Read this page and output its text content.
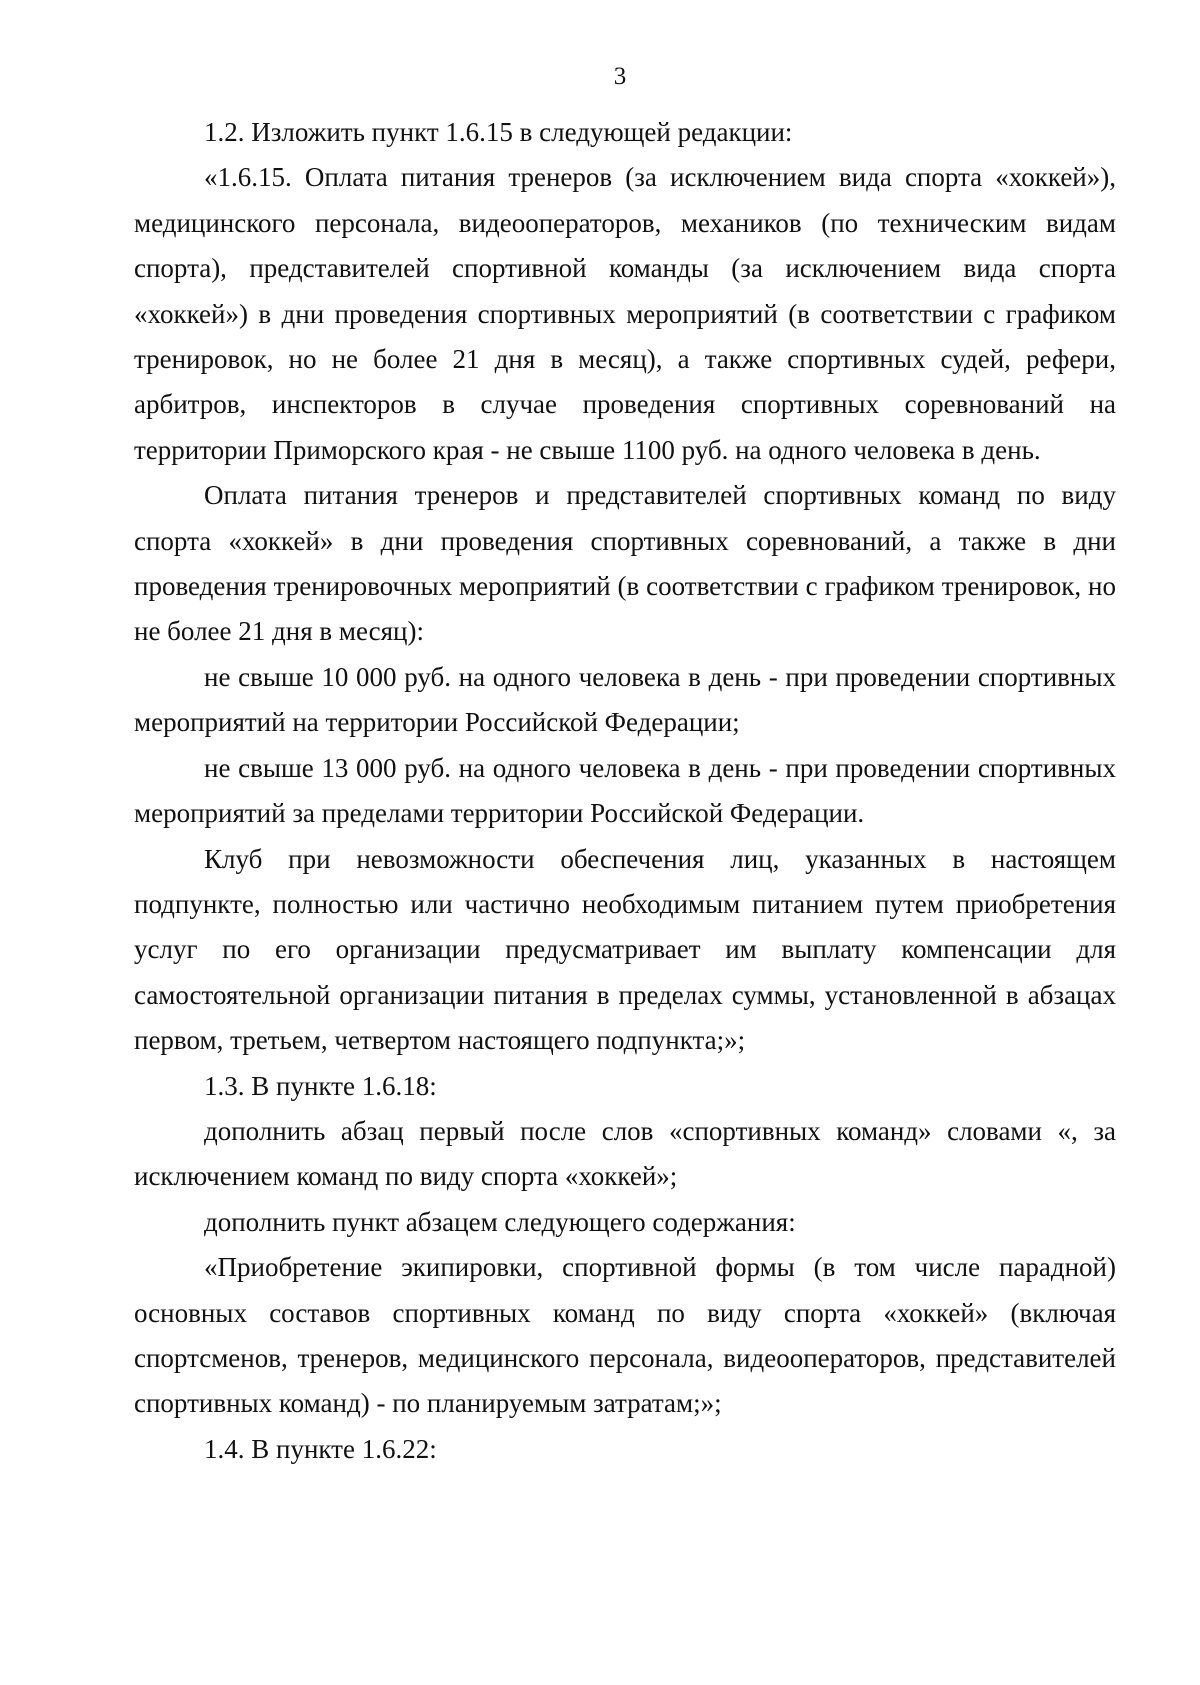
3

1.2. Изложить пункт 1.6.15 в следующей редакции:

«1.6.15. Оплата питания тренеров (за исключением вида спорта «хоккей»), медицинского персонала, видеооператоров, механиков (по техническим видам спорта), представителей спортивной команды (за исключением вида спорта «хоккей») в дни проведения спортивных мероприятий (в соответствии с графиком тренировок, но не более 21 дня в месяц), а также спортивных судей, рефери, арбитров, инспекторов в случае проведения спортивных соревнований на территории Приморского края - не свыше 1100 руб. на одного человека в день.

Оплата питания тренеров и представителей спортивных команд по виду спорта «хоккей» в дни проведения спортивных соревнований, а также в дни проведения тренировочных мероприятий (в соответствии с графиком тренировок, но не более 21 дня в месяц):

не свыше 10 000 руб. на одного человека в день - при проведении спортивных мероприятий на территории Российской Федерации;

не свыше 13 000 руб. на одного человека в день - при проведении спортивных мероприятий за пределами территории Российской Федерации.

Клуб при невозможности обеспечения лиц, указанных в настоящем подпункте, полностью или частично необходимым питанием путем приобретения услуг по его организации предусматривает им выплату компенсации для самостоятельной организации питания в пределах суммы, установленной в абзацах первом, третьем, четвертом настоящего подпункта;»;

1.3. В пункте 1.6.18:

дополнить абзац первый после слов «спортивных команд» словами «, за исключением команд по виду спорта «хоккей»;

дополнить пункт абзацем следующего содержания:

«Приобретение экипировки, спортивной формы (в том числе парадной) основных составов спортивных команд по виду спорта «хоккей» (включая спортсменов, тренеров, медицинского персонала, видеооператоров, представителей спортивных команд) - по планируемым затратам;»;

1.4. В пункте 1.6.22:
